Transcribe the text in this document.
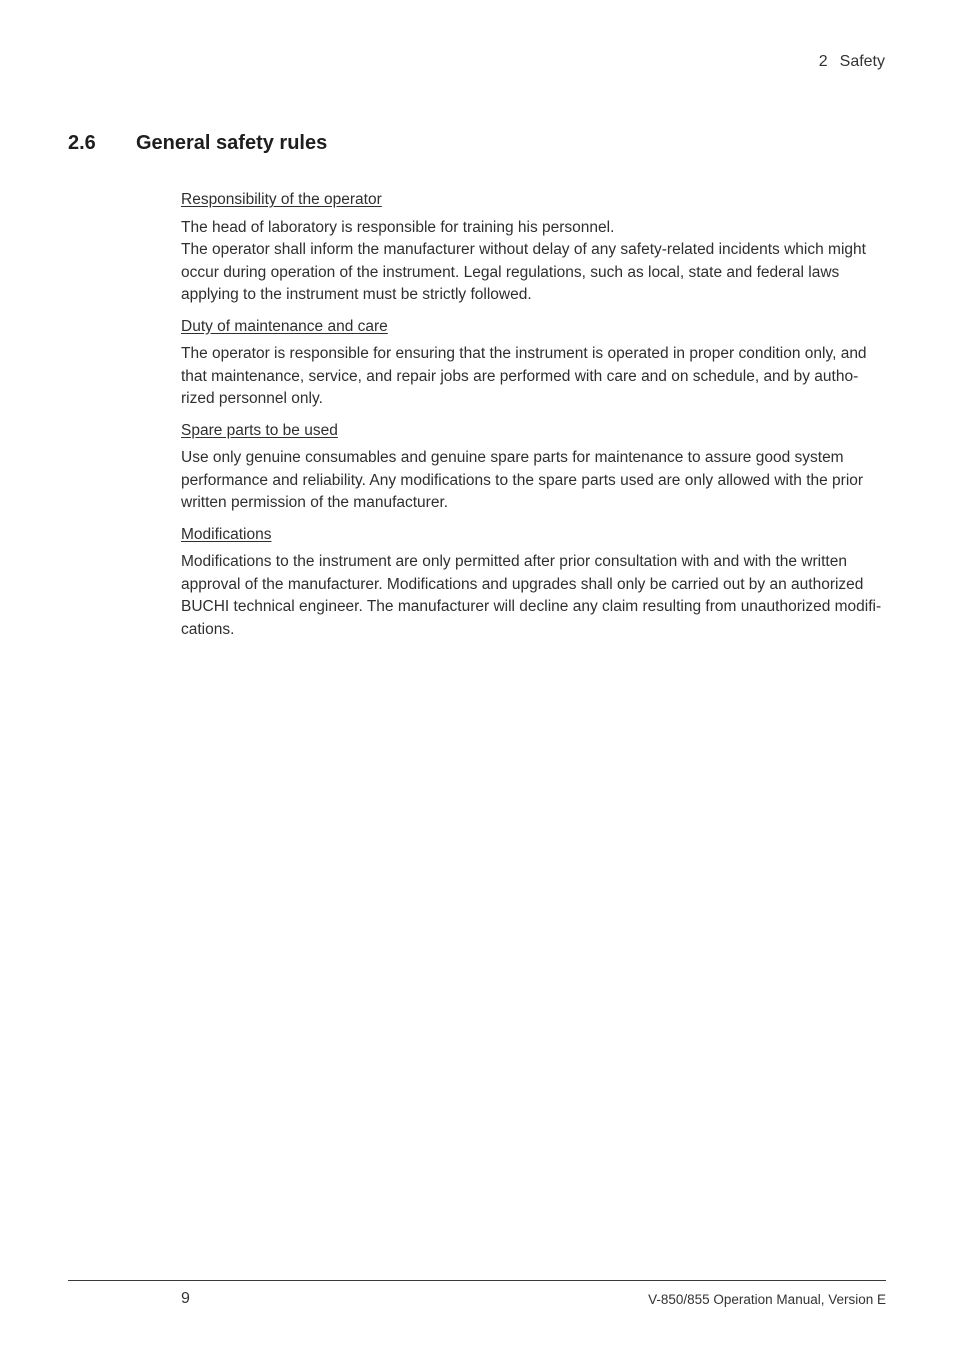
2 Safety
2.6 General safety rules

Responsibility of the operator

The head of laboratory is responsible for training his personnel.
The operator shall inform the manufacturer without delay of any safety-related incidents which might
occur during operation of the instrument. Legal regulations, such as local, state and federal laws
applying to the instrument must be strictly followed.

Duty of maintenance and care

The operator is responsible for ensuring that the instrument is operated in proper condition only, and
that maintenance, service, and repair jobs are performed with care and on schedule, and by autho-
rized personnel only.

Spare parts to be used

Use only genuine consumables and genuine spare parts for maintenance to assure good system
performance and reliability. Any modifications to the spare parts used are only allowed with the prior
written permission of the manufacturer.

Modifications

Modifications to the instrument are only permitted after prior consultation with and with the written
approval of the manufacturer. Modifications and upgrades shall only be carried out by an authorized
BUCHI technical engineer. The manufacturer will decline any claim resulting from unauthorized modifi-
cations.

9	V-850/855 Operation Manual, Version E
